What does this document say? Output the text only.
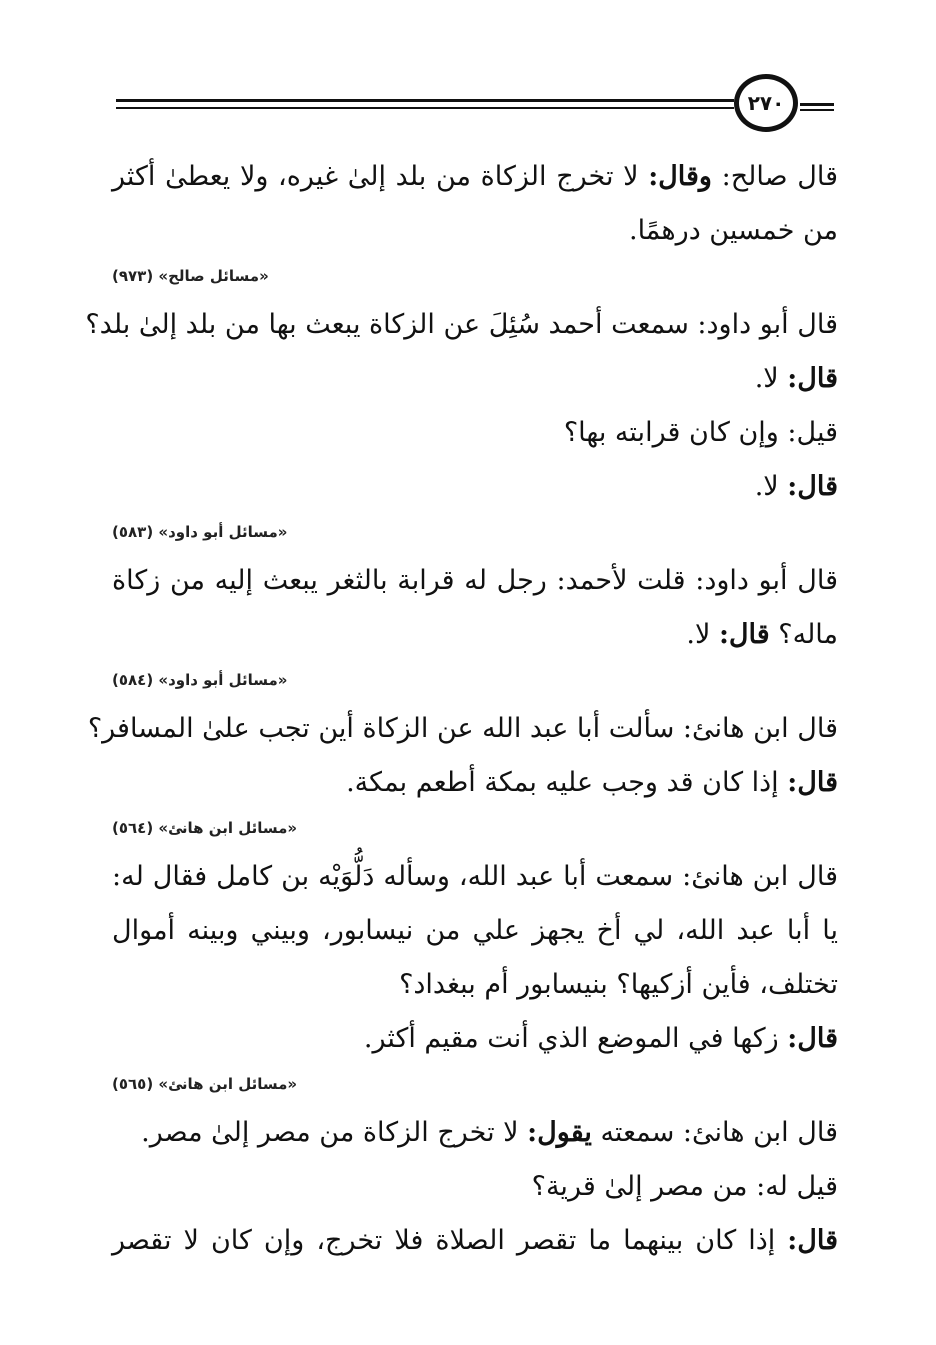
٢٧٠
قال صالح: وقال: لا تخرج الزكاة من بلد إلىٰ غيره، ولا يعطىٰ أكثر
من خمسين درهمًا.
«مسائل صالح» (٩٧٣)
قال أبو داود: سمعت أحمد سُئِلَ عن الزكاة يبعث بها من بلد إلىٰ بلد؟
قال: لا.
قيل: وإن كان قرابته بها؟
قال: لا.
«مسائل أبو داود» (٥٨٣)
قال أبو داود: قلت لأحمد: رجل له قرابة بالثغر يبعث إليه من زكاة
ماله؟ قال: لا.
«مسائل أبو داود» (٥٨٤)
قال ابن هانئ: سألت أبا عبد الله عن الزكاة أين تجب علىٰ المسافر؟
قال: إذا كان قد وجب عليه بمكة أطعم بمكة.
«مسائل ابن هانئ» (٥٦٤)
قال ابن هانئ: سمعت أبا عبد الله، وسأله دَلُّوَيْه بن كامل فقال له:
يا أبا عبد الله، لي أخ يجهز علي من نيسابور، وبيني وبينه أموال
تختلف، فأين أزكيها؟ بنيسابور أم ببغداد؟
قال: زكها في الموضع الذي أنت مقيم أكثر.
«مسائل ابن هانئ» (٥٦٥)
قال ابن هانئ: سمعته يقول: لا تخرج الزكاة من مصر إلىٰ مصر.
قيل له: من مصر إلىٰ قرية؟
قال: إذا كان بينهما ما تقصر الصلاة فلا تخرج، وإن كان لا تقصر
